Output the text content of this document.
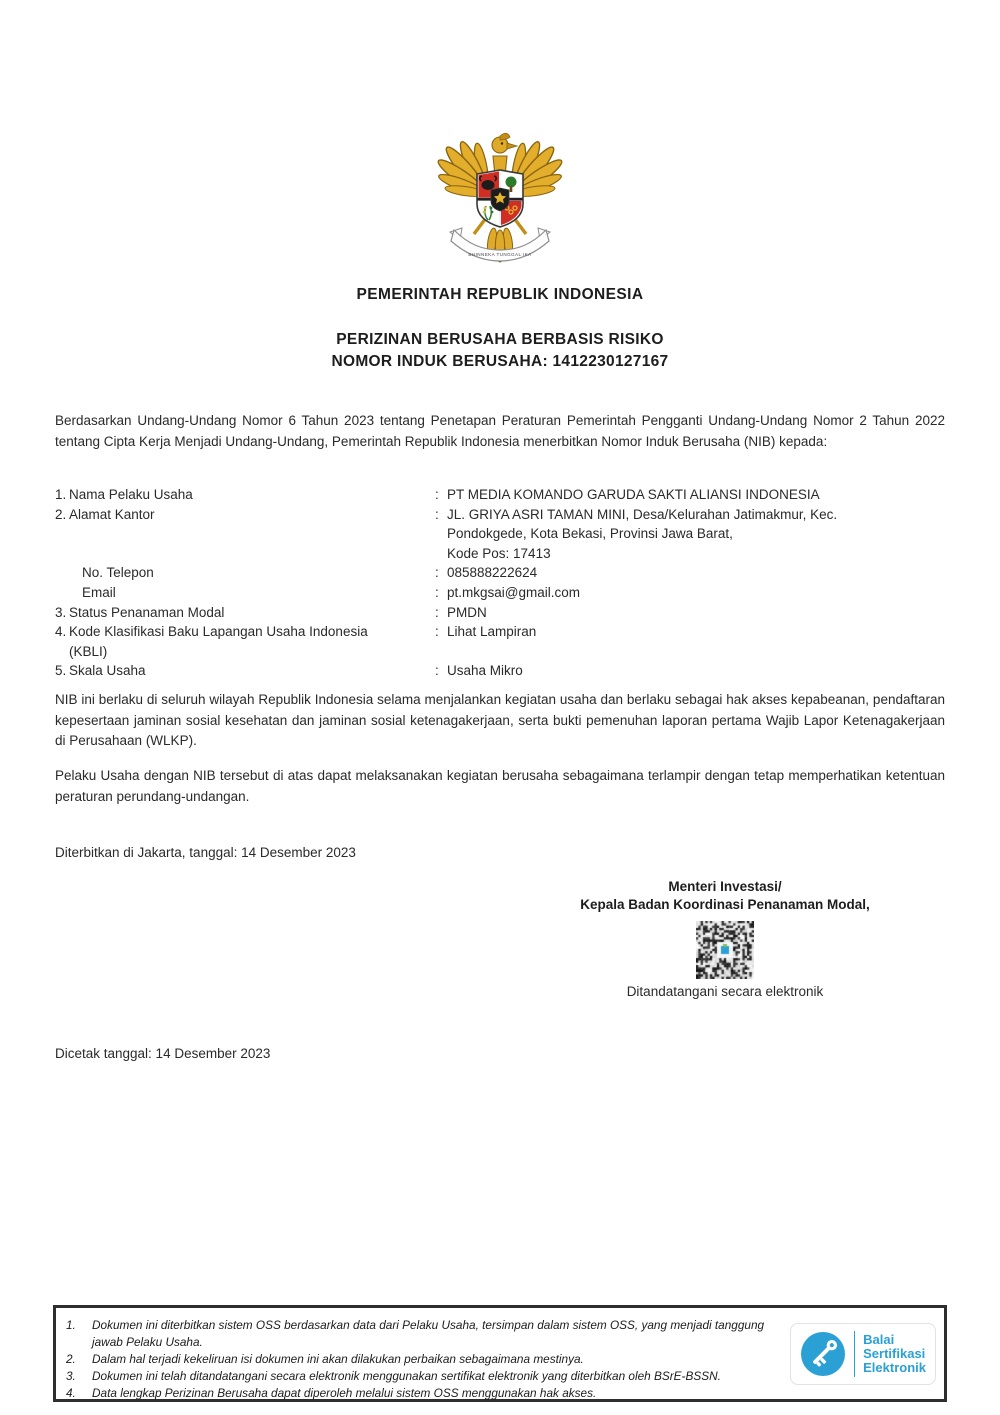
BHINNEKA TUNGGAL IKA
PEMERINTAH REPUBLIK INDONESIA
PERIZINAN BERUSAHA BERBASIS RISIKO
NOMOR INDUK BERUSAHA: 1412230127167
Berdasarkan Undang-Undang Nomor 6 Tahun 2023 tentang Penetapan Peraturan Pemerintah Pengganti Undang-Undang Nomor 2 Tahun 2022 tentang Cipta Kerja Menjadi Undang-Undang, Pemerintah Republik Indonesia menerbitkan Nomor Induk Berusaha (NIB) kepada:
1. Nama Pelaku Usaha	: PT MEDIA KOMANDO GARUDA SAKTI ALIANSI INDONESIA
2. Alamat Kantor	: JL. GRIYA ASRI TAMAN MINI, Desa/Kelurahan Jatimakmur, Kec.
Pondokgede, Kota Bekasi, Provinsi Jawa Barat,
Kode Pos: 17413
No. Telepon	: 085888222624
Email	: pt.mkgsai@gmail.com
3. Status Penanaman Modal	: PMDN
4. Kode Klasifikasi Baku Lapangan Usaha Indonesia
(KBLI)
: Lihat Lampiran
5. Skala Usaha	: Usaha Mikro
NIB ini berlaku di seluruh wilayah Republik Indonesia selama menjalankan kegiatan usaha dan berlaku sebagai hak akses kepabeanan, pendaftaran kepesertaan jaminan sosial kesehatan dan jaminan sosial ketenagakerjaan, serta bukti pemenuhan laporan pertama Wajib Lapor Ketenagakerjaan di Perusahaan (WLKP).
Pelaku Usaha dengan NIB tersebut di atas dapat melaksanakan kegiatan berusaha sebagaimana terlampir dengan tetap memperhatikan ketentuan peraturan perundang-undangan.
Diterbitkan di Jakarta, tanggal: 14 Desember 2023
Menteri Investasi/
Kepala Badan Koordinasi Penanaman Modal,
Ditandatangani secara elektronik
Dicetak tanggal: 14 Desember 2023
1.	Dokumen ini diterbitkan sistem OSS berdasarkan data dari Pelaku Usaha, tersimpan dalam sistem OSS, yang menjadi tanggung jawab Pelaku Usaha.
2.	Dalam hal terjadi kekeliruan isi dokumen ini akan dilakukan perbaikan sebagaimana mestinya.
3.	Dokumen ini telah ditandatangani secara elektronik menggunakan sertifikat elektronik yang diterbitkan oleh BSrE-BSSN.
4.	Data lengkap Perizinan Berusaha dapat diperoleh melalui sistem OSS menggunakan hak akses.
Balai
Sertifikasi
Elektronik
